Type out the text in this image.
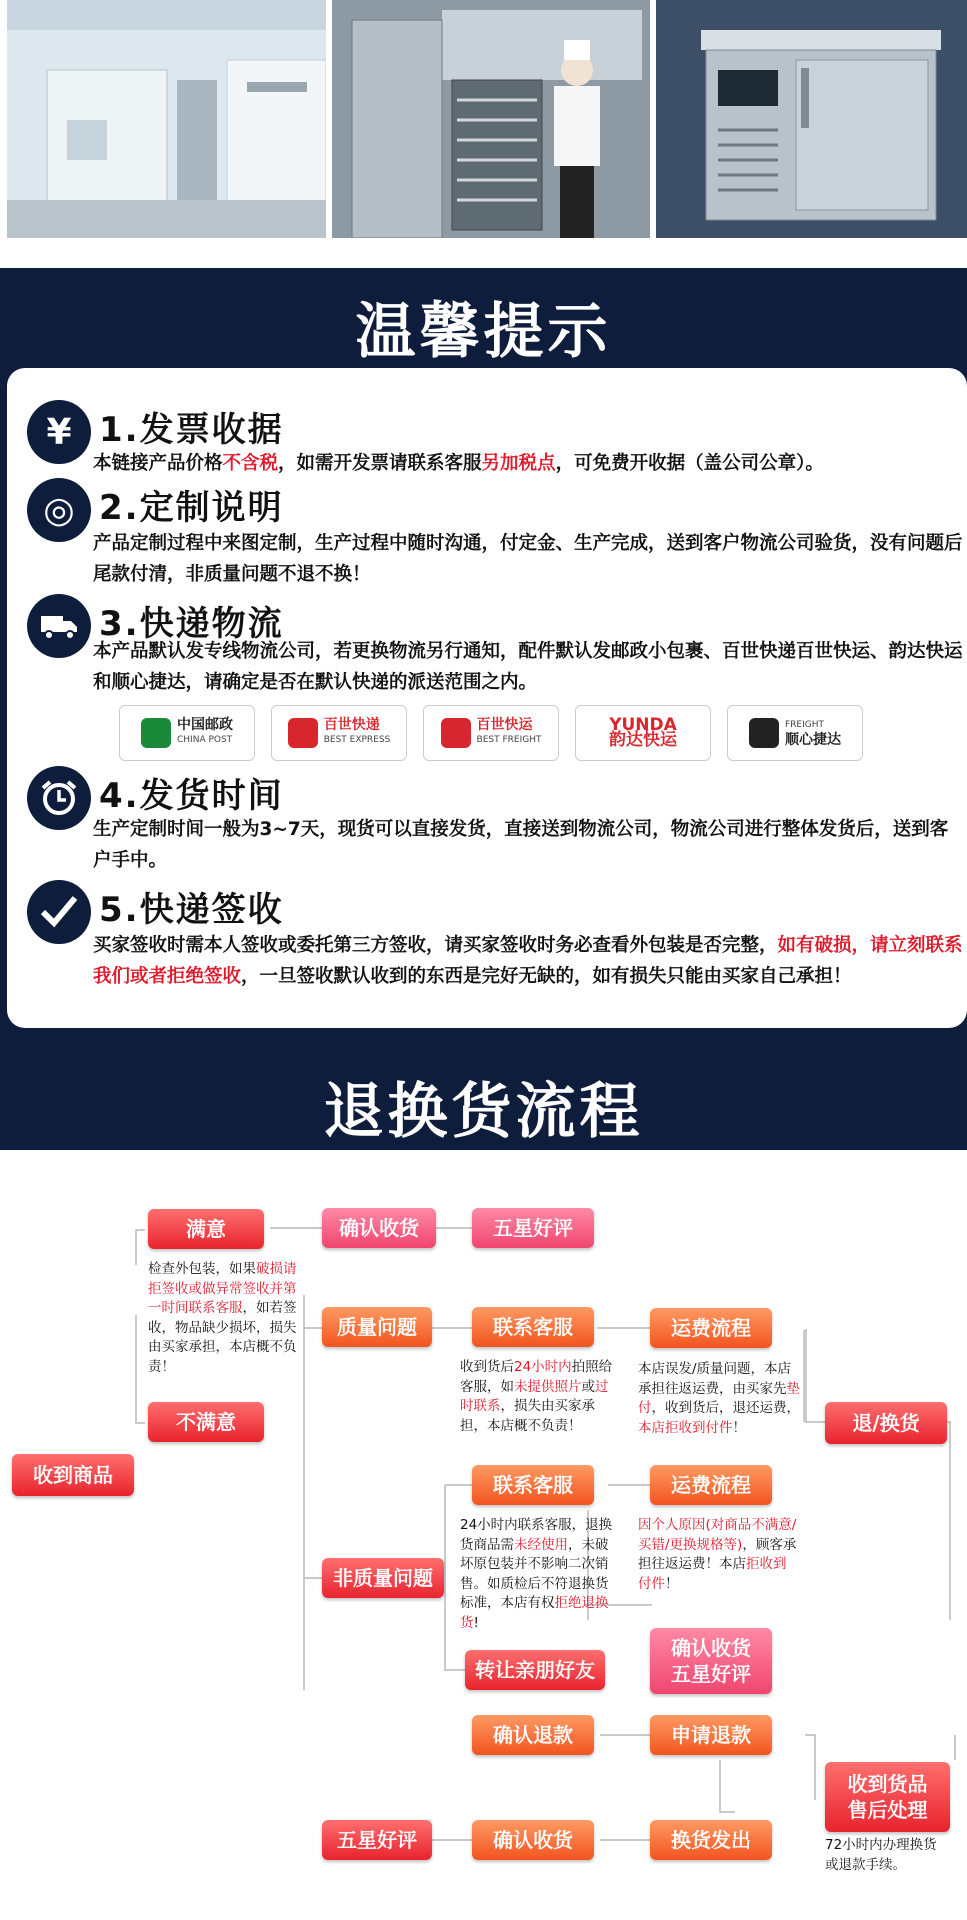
温馨提示
¥ 1.发票收据
本链接产品价格不含税，如需开发票请联系客服另加税点，可免费开收据（盖公司公章）。
◎ 2.定制说明
产品定制过程中来图定制，生产过程中随时沟通，付定金、生产完成，送到客户物流公司验货，没有问题后尾款付清，非质量问题不退不换！
3.快递物流
本产品默认发专线物流公司，若更换物流另行通知，配件默认发邮政小包裹、百世快递百世快运、韵达快运和顺心捷达，请确定是否在默认快递的派送范围之内。
中国邮政
CHINA POST
百世快递
BEST EXPRESS
百世快运
BEST FREIGHT
YUNDA
韵达快运
FREIGHT
顺心捷达
4.发货时间
生产定制时间一般为3~7天，现货可以直接发货，直接送到物流公司，物流公司进行整体发货后，送到客户手中。
5.快递签收
买家签收时需本人签收或委托第三方签收，请买家签收时务必查看外包装是否完整，如有破损，请立刻联系我们或者拒绝签收，一旦签收默认收到的东西是完好无缺的，如有损失只能由买家自己承担！
退换货流程
收到商品
满意	确认收货	五星好评
检查外包装，如果破损请拒签收或做异常签收并第一时间联系客服，如若签收，物品缺少损坏，损失由买家承担，本店概不负责！
不满意
质量问题	联系客服
收到货后24小时内拍照给客服，如未提供照片或过时联系，损失由买家承担，本店概不负责！
运费流程
本店误发/质量问题，本店承担往返运费，由买家先垫付，收到货后，退还运费，本店拒收到付件！	退/换货
联系客服	运费流程
24小时内联系客服，退换货商品需未经使用，未破坏原包装并不影响二次销售。如质检后不符退换货标准，本店有权拒绝退换货!
因个人原因(对商品不满意/买错/更换规格等)，顾客承担往返运费！本店拒收到付件！
非质量问题
转让亲朋好友
确认收货
五星好评
确认退款	申请退款
收到货品
售后处理
72小时内办理换货或退款手续。
五星好评	确认收货	换货发出
